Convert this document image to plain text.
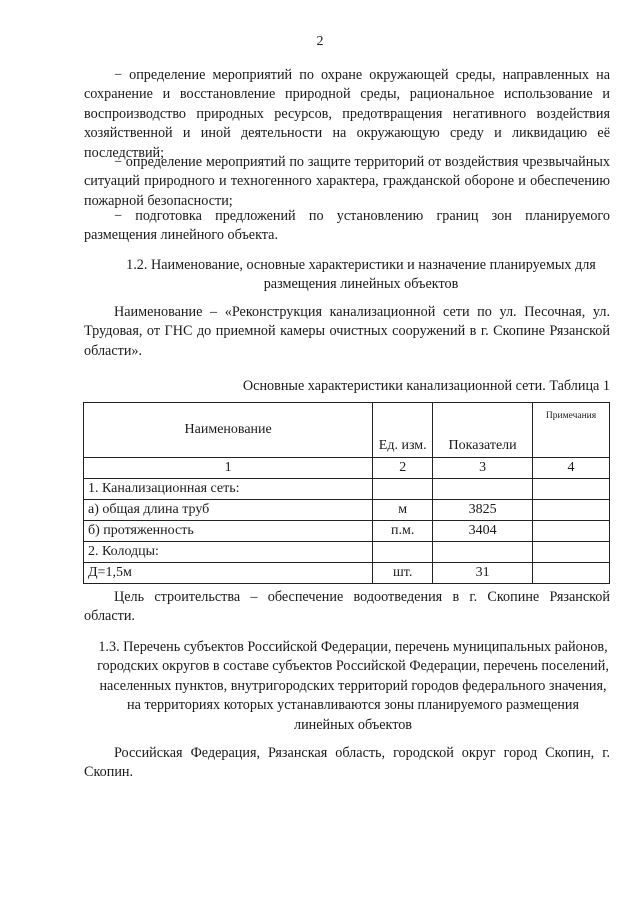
2
− определение мероприятий по охране окружающей среды, направленных на сохранение и восстановление природной среды, рациональное использование и воспроизводство природных ресурсов, предотвращения негативного воздействия хозяйственной и иной деятельности на окружающую среду и ликвидацию её последствий;
− определение мероприятий по защите территорий от воздействия чрезвычайных ситуаций природного и техногенного характера, гражданской обороне и обеспечению пожарной безопасности;
− подготовка предложений по установлению границ зон планируемого размещения линейного объекта.
1.2. Наименование, основные характеристики и назначение планируемых для размещения линейных объектов
Наименование – «Реконструкция канализационной сети по ул. Песочная, ул. Трудовая, от ГНС до приемной камеры очистных сооружений в г. Скопине Рязанской области».
Основные характеристики канализационной сети. Таблица 1
Наименование	Ед. изм.	Показатели	Примечания
1	2	3	4
1. Канализационная сеть:			
а) общая длина труб	м	3825	
б) протяженность	п.м.	3404	
2. Колодцы:			
Д=1,5м	шт.	31	
Цель строительства – обеспечение водоотведения в г. Скопине Рязанской области.
1.3. Перечень субъектов Российской Федерации, перечень муниципальных районов, городских округов в составе субъектов Российской Федерации, перечень поселений, населенных пунктов, внутригородских территорий городов федерального значения, на территориях которых устанавливаются зоны планируемого размещения линейных объектов
Российская Федерация, Рязанская область, городской округ город Скопин, г. Скопин.
